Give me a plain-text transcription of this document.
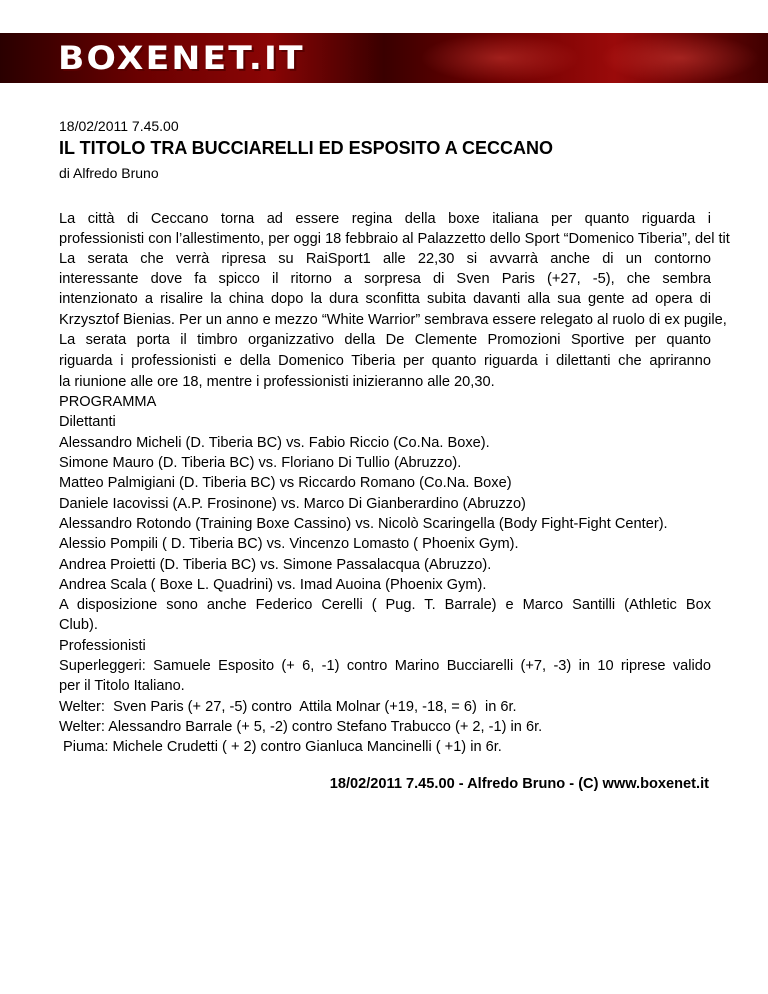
BOXENET.IT
18/02/2011 7.45.00
IL TITOLO TRA BUCCIARELLI ED ESPOSITO A CECCANO
di Alfredo Bruno
La città di Ceccano torna ad essere regina della boxe italiana per quanto riguarda i
professionisti con l’allestimento, per oggi 18 febbraio al Palazzetto dello Sport “Domenico Tiberia”, del tit
La serata che verrà ripresa su RaiSport1 alle 22,30 si avvarrà anche di un contorno
interessante dove fa spicco il ritorno a sorpresa di Sven Paris (+27, -5), che sembra
intenzionato a risalire la china dopo la dura sconfitta subita davanti alla sua gente ad opera di
Krzysztof Bienias. Per un anno e mezzo “White Warrior” sembrava essere relegato al ruolo di ex pugile,
La serata porta il timbro organizzativo della De Clemente Promozioni Sportive per quanto
riguarda i professionisti e della Domenico Tiberia per quanto riguarda i dilettanti che apriranno
la riunione alle ore 18, mentre i professionisti inizieranno alle 20,30.
PROGRAMMA
Dilettanti
Alessandro Micheli (D. Tiberia BC) vs. Fabio Riccio (Co.Na. Boxe).
Simone Mauro (D. Tiberia BC) vs. Floriano Di Tullio (Abruzzo).
Matteo Palmigiani (D. Tiberia BC) vs Riccardo Romano (Co.Na. Boxe)
Daniele Iacovissi (A.P. Frosinone) vs. Marco Di Gianberardino (Abruzzo)
Alessandro Rotondo (Training Boxe Cassino) vs. Nicolò Scaringella (Body Fight-Fight Center).
Alessio Pompili ( D. Tiberia BC) vs. Vincenzo Lomasto ( Phoenix Gym).
Andrea Proietti (D. Tiberia BC) vs. Simone Passalacqua (Abruzzo).
Andrea Scala ( Boxe L. Quadrini) vs. Imad Auoina (Phoenix Gym).
A disposizione sono anche Federico Cerelli ( Pug. T. Barrale) e Marco Santilli (Athletic Box
Club).
Professionisti
Superleggeri: Samuele Esposito (+ 6, -1) contro Marino Bucciarelli (+7, -3) in 10 riprese valido
per il Titolo Italiano.
Welter:  Sven Paris (+ 27, -5) contro  Attila Molnar (+19, -18, = 6)  in 6r.
Welter: Alessandro Barrale (+ 5, -2) contro Stefano Trabucco (+ 2, -1) in 6r.
Piuma: Michele Crudetti ( + 2) contro Gianluca Mancinelli ( +1) in 6r.
18/02/2011 7.45.00 - Alfredo Bruno - (C) www.boxenet.it
